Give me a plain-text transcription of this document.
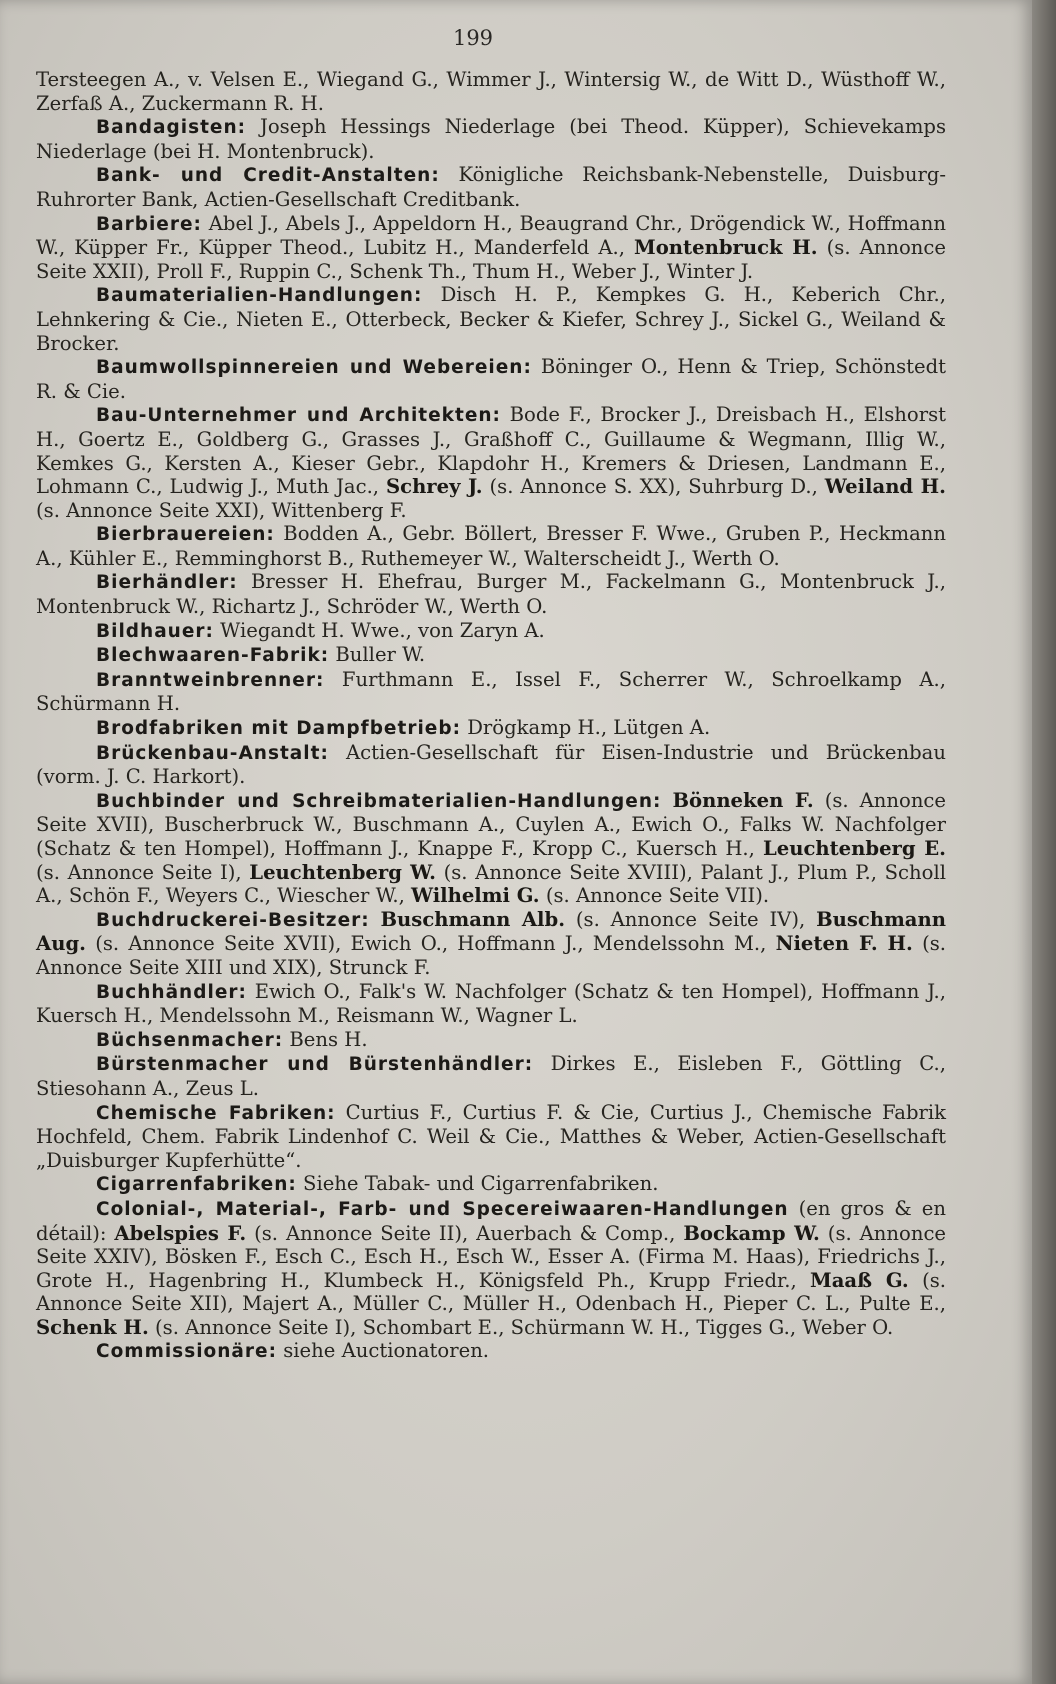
199

Tersteegen A., v. Velsen E., Wiegand G., Wimmer J., Wintersig W., de Witt D., Wüsthoff W., Zerfaß A., Zuckermann R. H.

Bandagisten: Joseph Hessings Niederlage (bei Theod. Küpper), Schievekamps Niederlage (bei H. Montenbruck).

Bank- und Credit-Anstalten: Königliche Reichsbank-Nebenstelle, Duisburg-Ruhrorter Bank, Actien-Gesellschaft Creditbank.

Barbiere: Abel J., Abels J., Appeldorn H., Beaugrand Chr., Drögendick W., Hoffmann W., Küpper Fr., Küpper Theod., Lubitz H., Manderfeld A., Montenbruck H. (s. Annonce Seite XXII), Proll F., Ruppin C., Schenk Th., Thum H., Weber J., Winter J.

Baumaterialien-Handlungen: Disch H. P., Kempkes G. H., Keberich Chr., Lehnkering & Cie., Nieten E., Otterbeck, Becker & Kiefer, Schrey J., Sickel G., Weiland & Brocker.

Baumwollspinnereien und Webereien: Böninger O., Henn & Triep, Schönstedt R. & Cie.

Bau-Unternehmer und Architekten: Bode F., Brocker J., Dreisbach H., Elshorst H., Goertz E., Goldberg G., Grasses J., Graßhoff C., Guillaume & Wegmann, Illig W., Kemkes G., Kersten A., Kieser Gebr., Klapdohr H., Kremers & Driesen, Landmann E., Lohmann C., Ludwig J., Muth Jac., Schrey J. (s. Annonce S. XX), Suhrburg D., Weiland H. (s. Annonce Seite XXI), Wittenberg F.

Bierbrauereien: Bodden A., Gebr. Böllert, Bresser F. Wwe., Gruben P., Heckmann A., Kühler E., Remminghorst B., Ruthemeyer W., Walterscheidt J., Werth O.

Bierhändler: Bresser H. Ehefrau, Burger M., Fackelmann G., Montenbruck J., Montenbruck W., Richartz J., Schröder W., Werth O.

Bildhauer: Wiegandt H. Wwe., von Zaryn A.

Blechwaaren-Fabrik: Buller W.

Branntweinbrenner: Furthmann E., Issel F., Scherrer W., Schroelkamp A., Schürmann H.

Brodfabriken mit Dampfbetrieb: Drögkamp H., Lütgen A.

Brückenbau-Anstalt: Actien-Gesellschaft für Eisen-Industrie und Brückenbau (vorm. J. C. Harkort).

Buchbinder und Schreibmaterialien-Handlungen: Bönneken F. (s. Annonce Seite XVII), Buscherbruck W., Buschmann A., Cuylen A., Ewich O., Falks W. Nachfolger (Schatz & ten Hompel), Hoffmann J., Knappe F., Kropp C., Kuersch H., Leuchtenberg E. (s. Annonce Seite I), Leuchtenberg W. (s. Annonce Seite XVIII), Palant J., Plum P., Scholl A., Schön F., Weyers C., Wiescher W., Wilhelmi G. (s. Annonce Seite VII).

Buchdruckerei-Besitzer: Buschmann Alb. (s. Annonce Seite IV), Buschmann Aug. (s. Annonce Seite XVII), Ewich O., Hoffmann J., Mendelssohn M., Nieten F. H. (s. Annonce Seite XIII und XIX), Strunck F.

Buchhändler: Ewich O., Falk's W. Nachfolger (Schatz & ten Hompel), Hoffmann J., Kuersch H., Mendelssohn M., Reismann W., Wagner L.

Büchsenmacher: Bens H.

Bürstenmacher und Bürstenhändler: Dirkes E., Eisleben F., Göttling C., Stiesohann A., Zeus L.

Chemische Fabriken: Curtius F., Curtius F. & Cie, Curtius J., Chemische Fabrik Hochfeld, Chem. Fabrik Lindenhof C. Weil & Cie., Matthes & Weber, Actien-Gesellschaft „Duisburger Kupferhütte“.

Cigarrenfabriken: Siehe Tabak- und Cigarrenfabriken.

Colonial-, Material-, Farb- und Specereiwaaren-Handlungen (en gros & en détail): Abelspies F. (s. Annonce Seite II), Auerbach & Comp., Bockamp W. (s. Annonce Seite XXIV), Bösken F., Esch C., Esch H., Esch W., Esser A. (Firma M. Haas), Friedrichs J., Grote H., Hagenbring H., Klumbeck H., Königsfeld Ph., Krupp Friedr., Maaß G. (s. Annonce Seite XII), Majert A., Müller C., Müller H., Odenbach H., Pieper C. L., Pulte E., Schenk H. (s. Annonce Seite I), Schombart E., Schürmann W. H., Tigges G., Weber O.

Commissionäre: siehe Auctionatoren.
